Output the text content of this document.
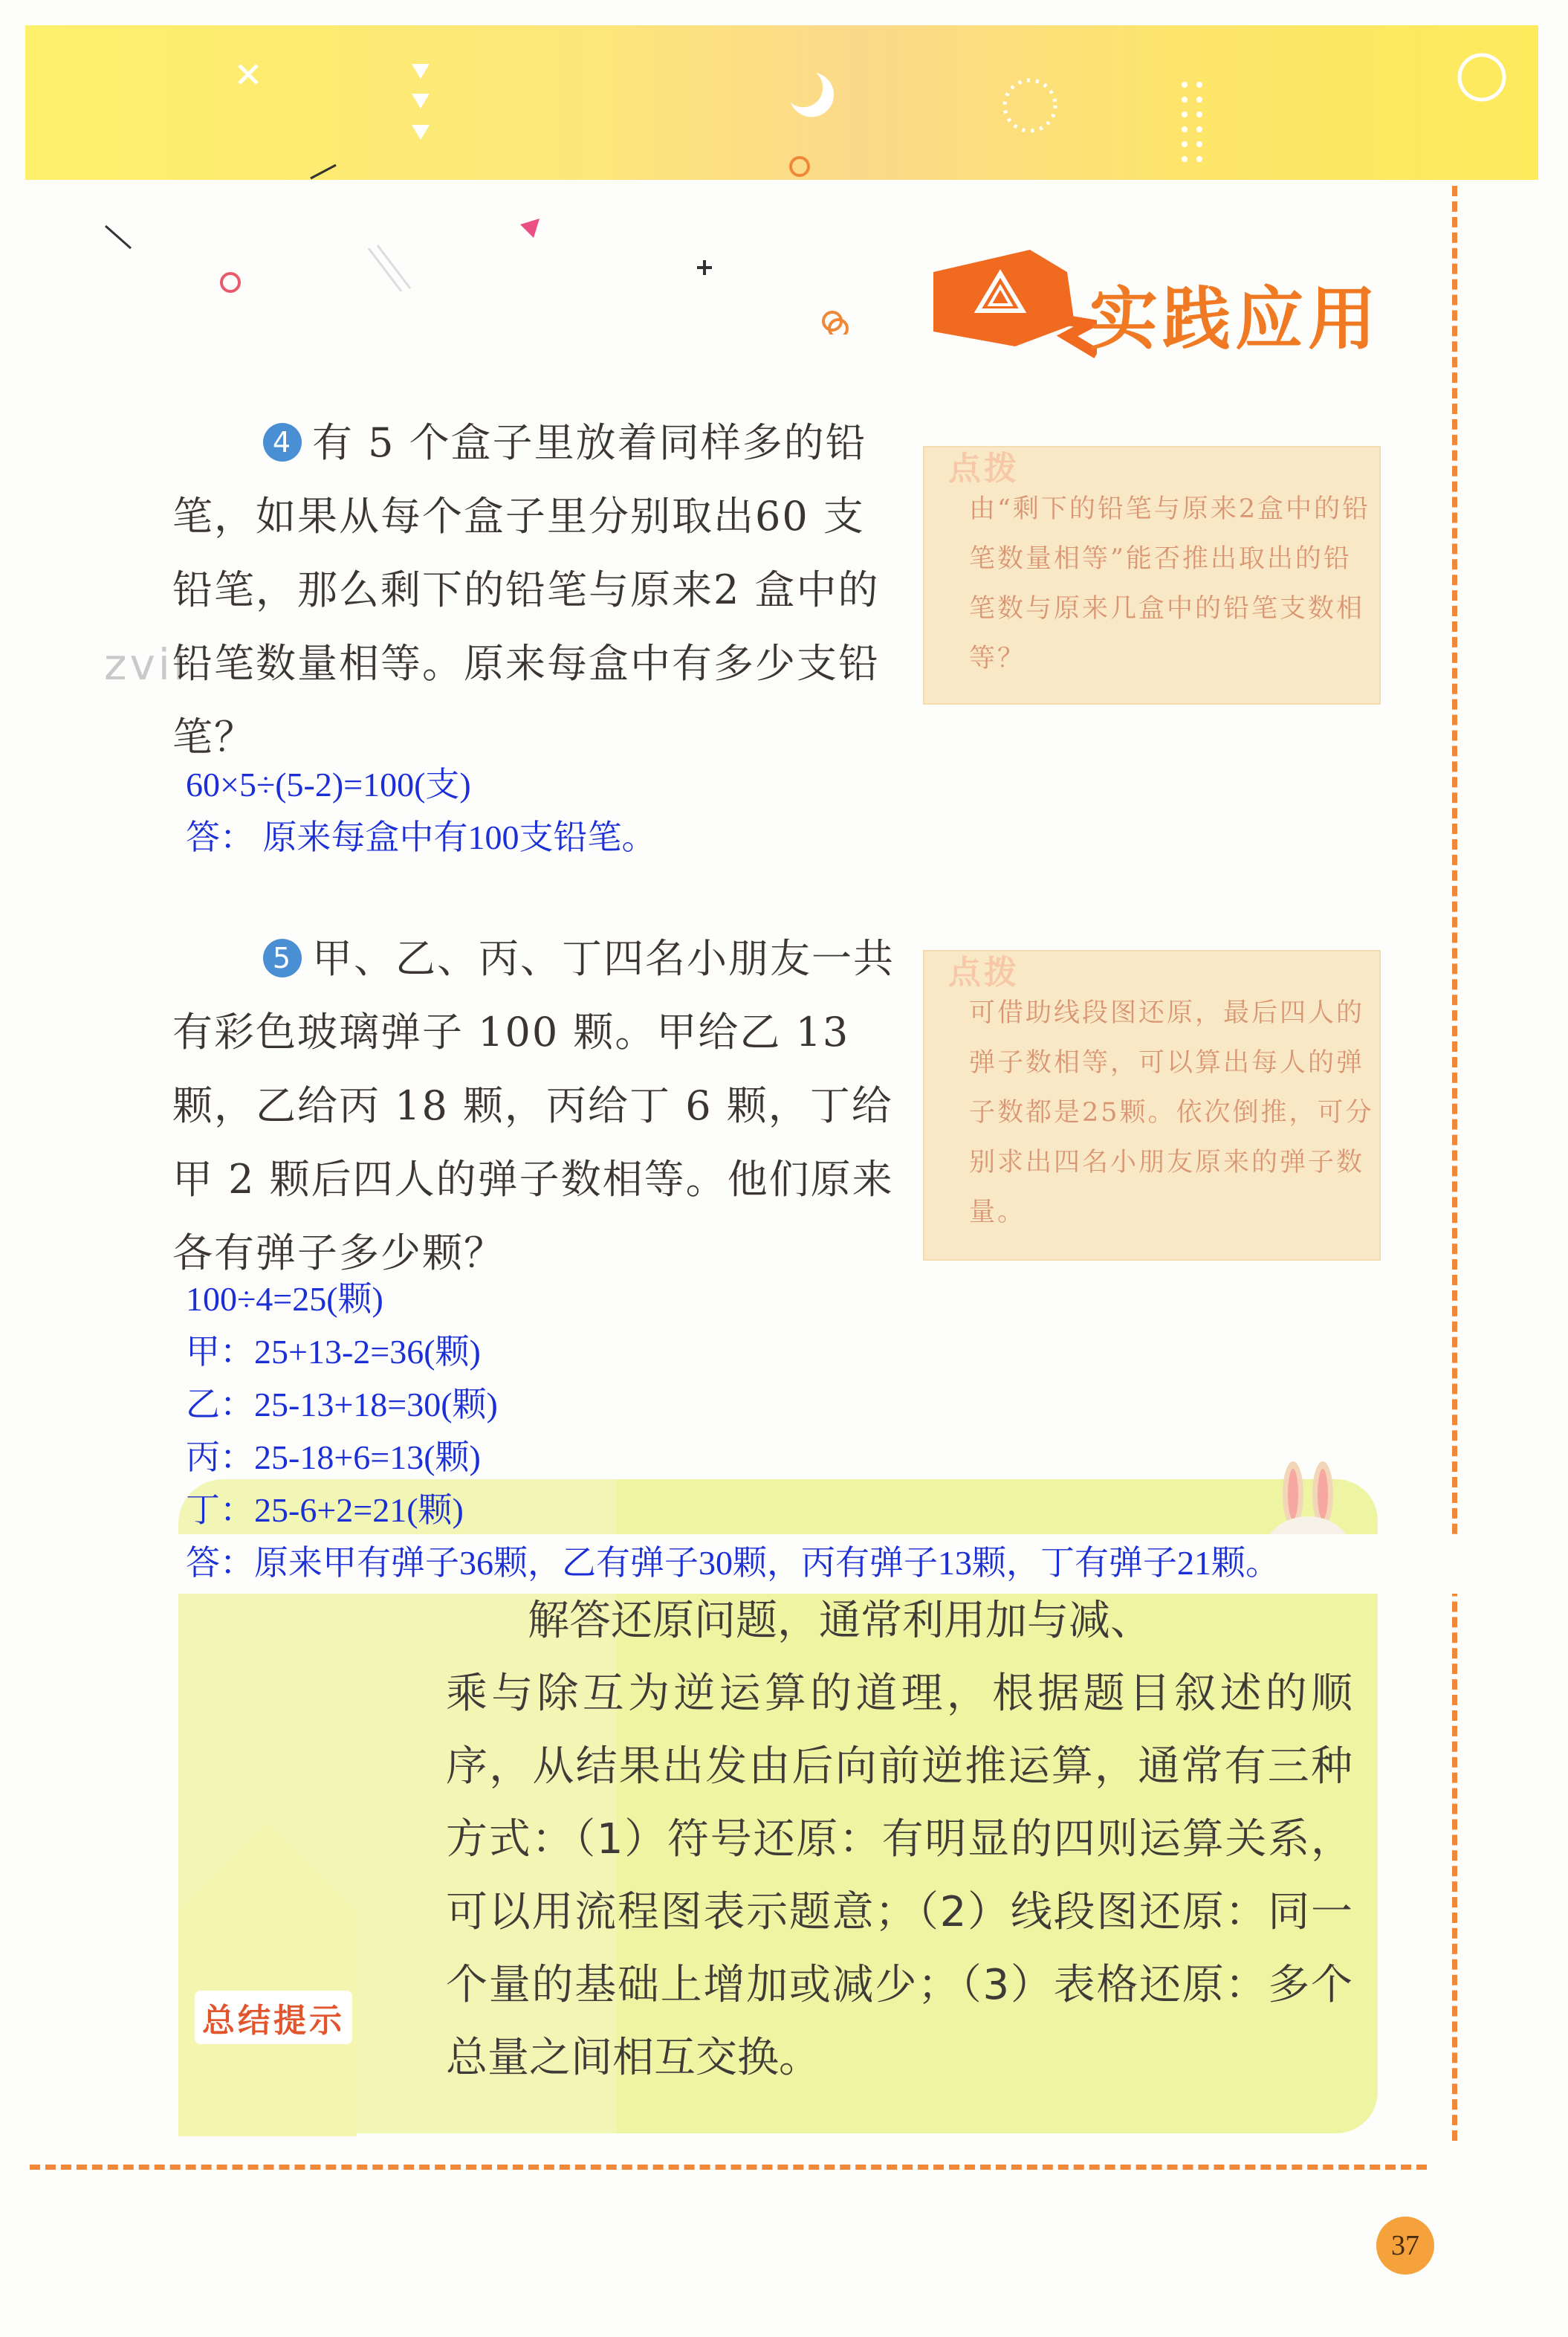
实践应用
zvil
4 有 5 个盒子里放着同样多的铅笔，如果从每个盒子里分别取出60 支铅笔，那么剩下的铅笔与原来2 盒中的铅笔数量相等。原来每盒中有多少支铅笔？
60×5÷(5-2)=100(支)
答： 原来每盒中有100支铅笔。
点拨
由“剩下的铅笔与原来2盒中的铅笔数量相等”能否推出取出的铅笔数与原来几盒中的铅笔支数相等？
5 甲、乙、丙、丁四名小朋友一共有彩色玻璃弹子 100 颗。甲给乙 13 颗，乙给丙 18 颗，丙给丁 6 颗，丁给甲 2 颗后四人的弹子数相等。他们原来各有弹子多少颗？
点拨
可借助线段图还原，最后四人的弹子数相等，可以算出每人的弹子数都是25颗。依次倒推，可分别求出四名小朋友原来的弹子数量。
总结提示
100÷4=25(颗)
甲：25+13-2=36(颗)
乙：25-13+18=30(颗)
丙：25-18+6=13(颗)
丁：25-6+2=21(颗)
答：原来甲有弹子36颗，乙有弹子30颗，丙有弹子13颗，丁有弹子21颗。
解答还原问题，通常利用加与减、
乘与除互为逆运算的道理，根据题目叙述的顺序，从结果出发由后向前逆推运算，通常有三种方式：（1）符号还原：有明显的四则运算关系，可以用流程图表示题意；（2）线段图还原：同一个量的基础上增加或减少；（3）表格还原：多个总量之间相互交换。
37
